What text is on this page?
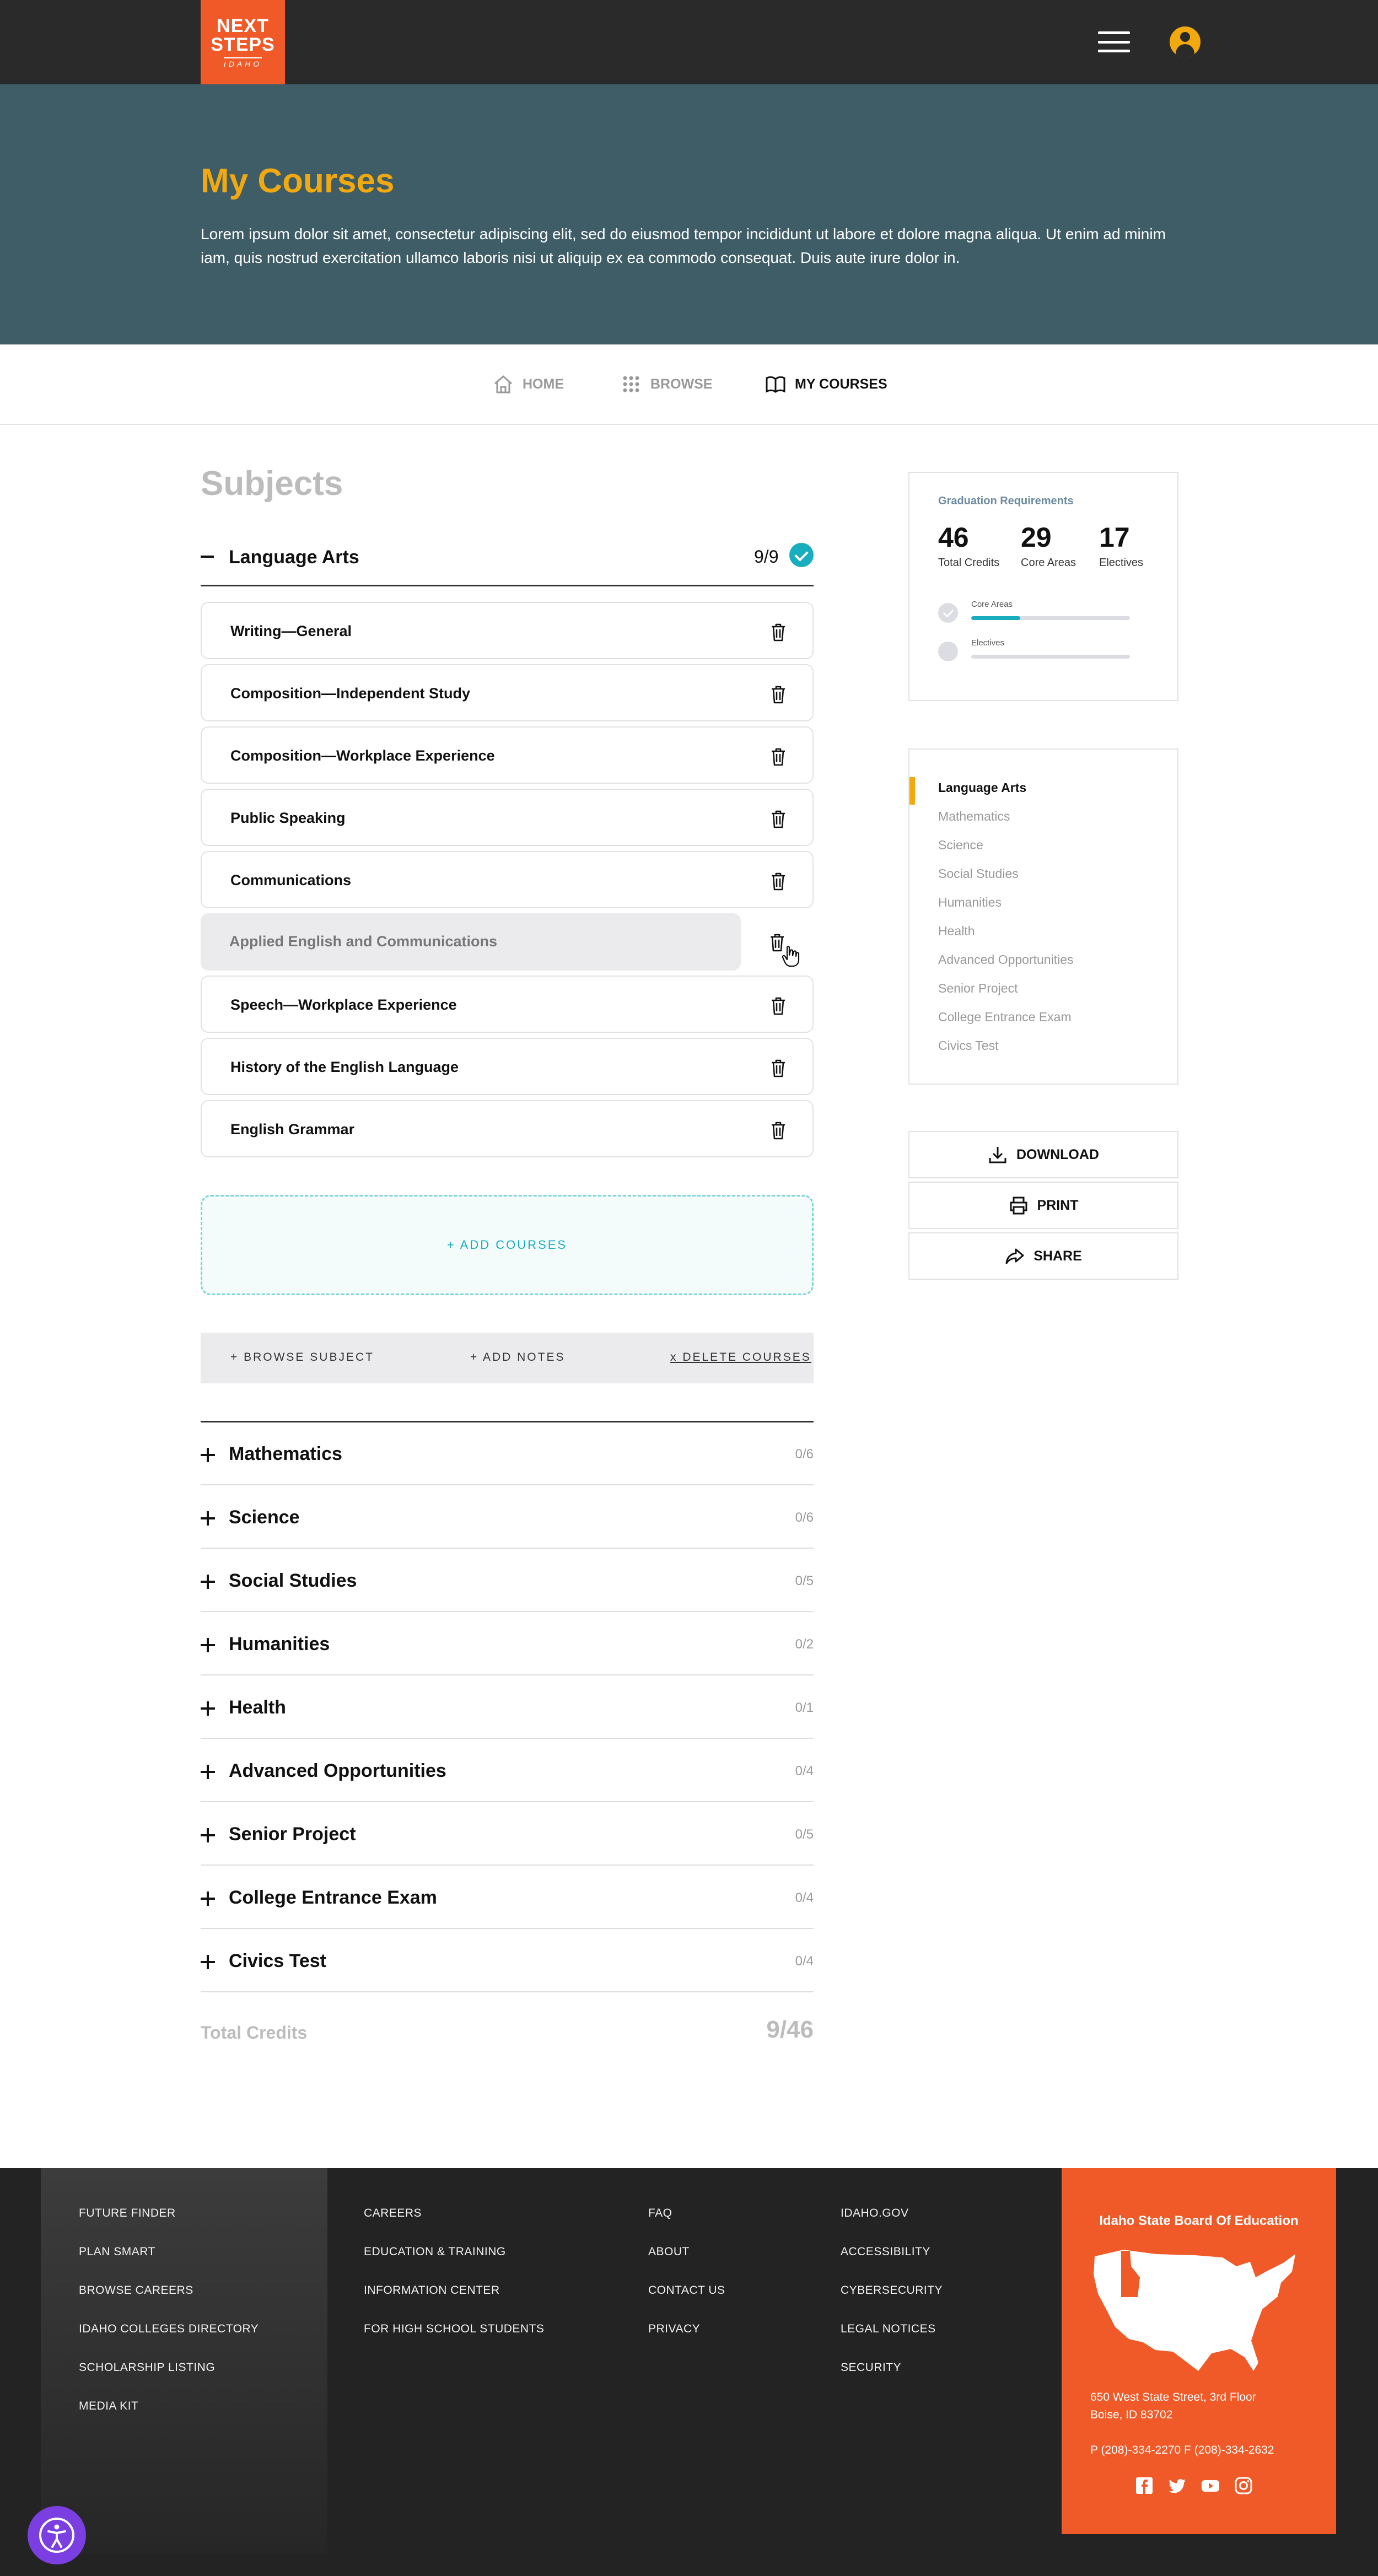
NEXT
STEPS
IDAHO
My Courses

Lorem ipsum dolor sit amet, consectetur adipiscing elit, sed do eiusmod tempor incididunt ut labore et dolore magna aliqua. Ut enim ad minim iam, quis nostrud exercitation ullamco laboris nisi ut aliquip ex ea commodo consequat. Duis aute irure dolor in.

HOME	BROWSE	MY COURSES
Subjects
Language Arts	9/9
Writing—General
Composition—Independent Study
Composition—Workplace Experience
Public Speaking
Communications
Applied English and Communications
Speech—Workplace Experience
History of the English Language
English Grammar
+ ADD COURSES
+ BROWSE SUBJECT	+ ADD NOTES	x DELETE COURSES
Mathematics	0/6
Science	0/6
Social Studies	0/5
Humanities	0/2
Health	0/1
Advanced Opportunities	0/4
Senior Project	0/5
College Entrance Exam	0/4
Civics Test	0/4
Total Credits	9/46
Graduation Requirements
46
Total Credits
29
Core Areas
17
Electives
Core Areas
Electives
Language Arts
Mathematics
Science
Social Studies
Humanities
Health
Advanced Opportunities
Senior Project
College Entrance Exam
Civics Test
DOWNLOAD
PRINT
SHARE
FUTURE FINDER
PLAN SMART
BROWSE CAREERS
IDAHO COLLEGES DIRECTORY
SCHOLARSHIP LISTING
MEDIA KIT
CAREERS
EDUCATION & TRAINING
INFORMATION CENTER
FOR HIGH SCHOOL STUDENTS
FAQ
ABOUT
CONTACT US
PRIVACY
IDAHO.GOV
ACCESSIBILITY
CYBERSECURITY
LEGAL NOTICES
SECURITY
Idaho State Board Of Education
650 West State Street, 3rd Floor
Boise, ID 83702
P (208)-334-2270 F (208)-334-2632
